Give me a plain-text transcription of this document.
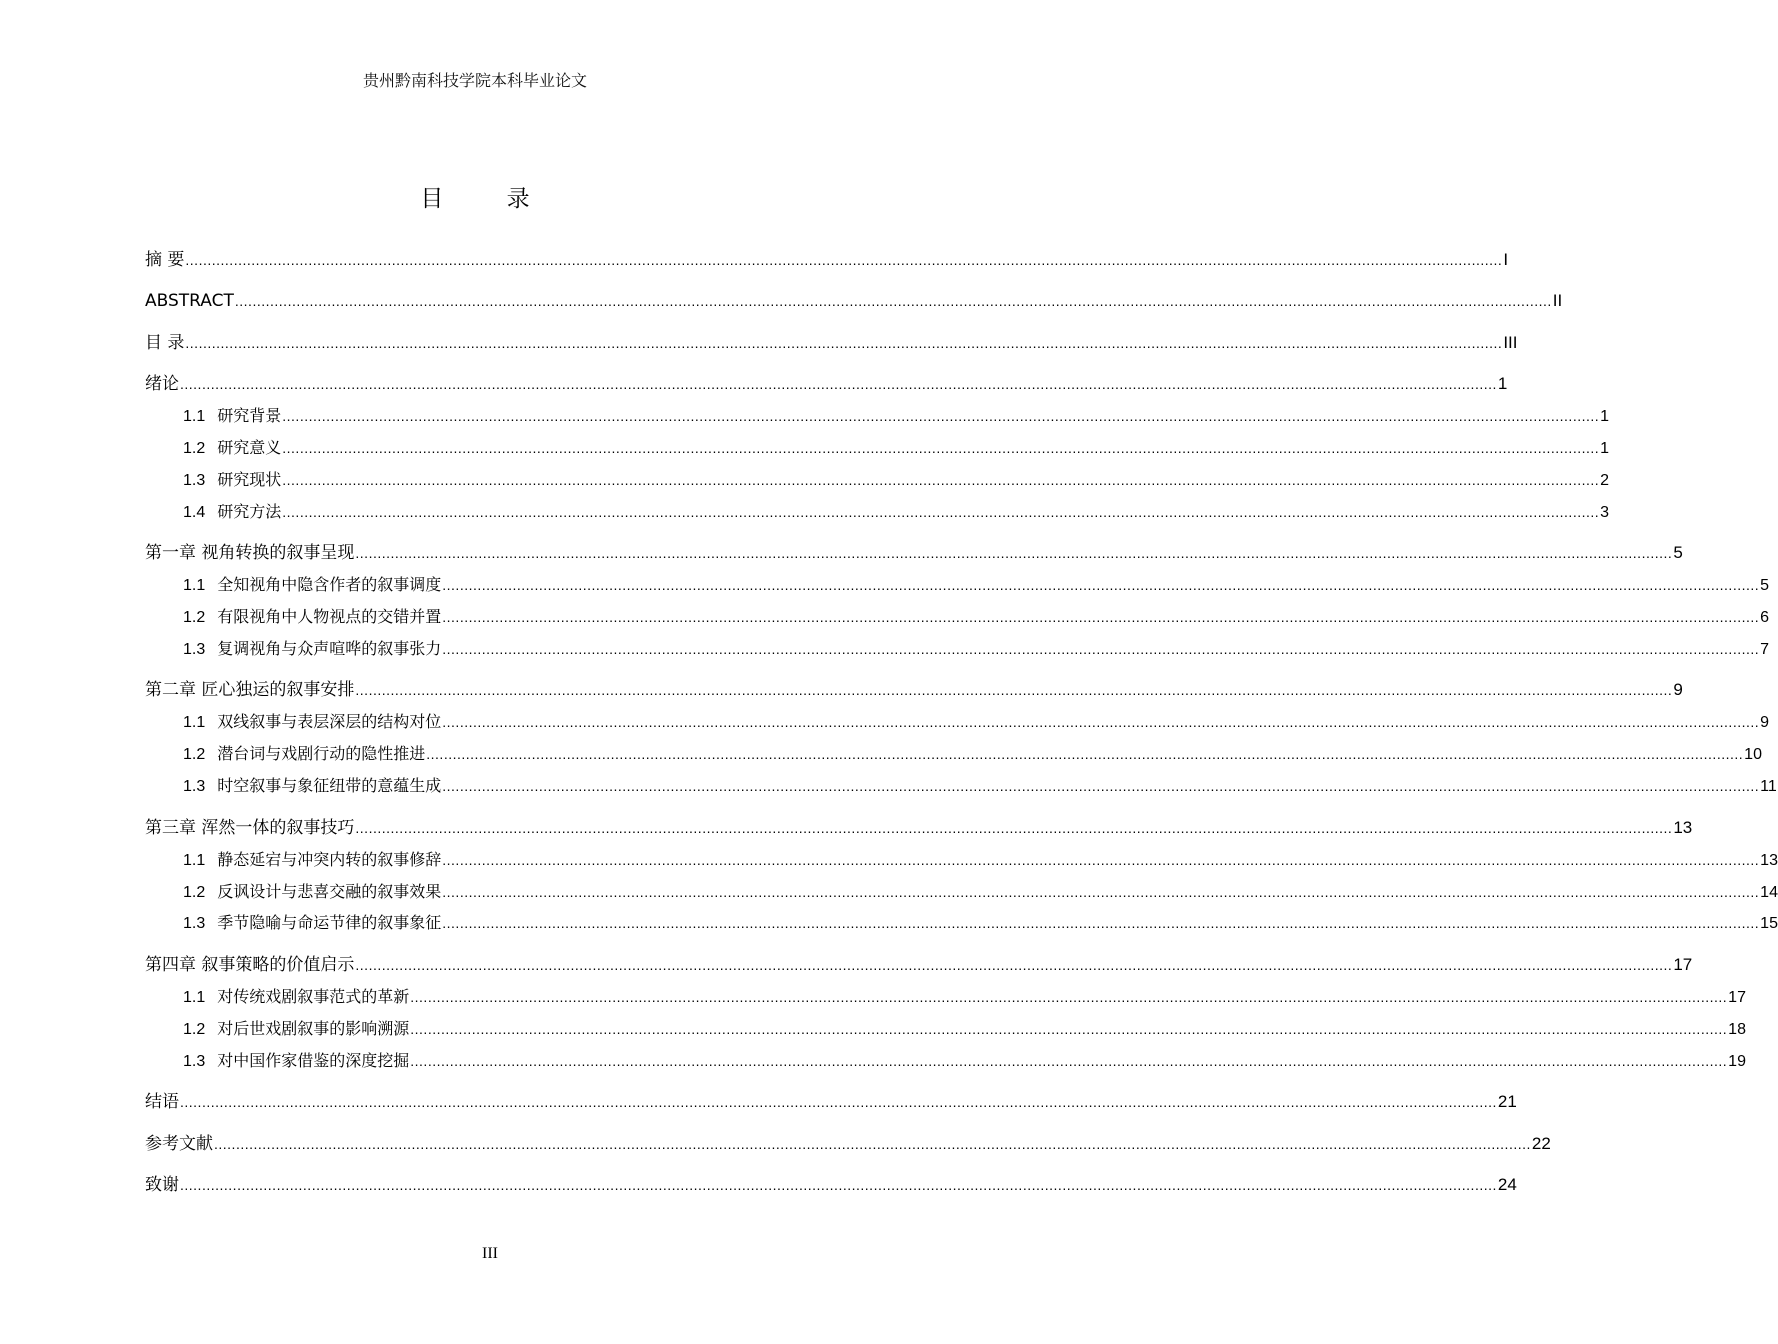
贵州黔南科技学院本科毕业论文
目 录
摘 要 ............................................................................................................................................................................................................................................................................................................ I
ABSTRACT ............................................................................................................................................................................................................................................................................................................ II
目 录 ............................................................................................................................................................................................................................................................................................................ III
绪论 ............................................................................................................................................................................................................................................................................................................ 1
1.1 研究背景 ............................................................................................................................................................................................................................................................................................................ 1
1.2 研究意义 ............................................................................................................................................................................................................................................................................................................ 1
1.3 研究现状 ............................................................................................................................................................................................................................................................................................................ 2
1.4 研究方法 ............................................................................................................................................................................................................................................................................................................ 3
第一章 视角转换的叙事呈现 ............................................................................................................................................................................................................................................................................................................ 5
1.1 全知视角中隐含作者的叙事调度 ............................................................................................................................................................................................................................................................................................................ 5
1.2 有限视角中人物视点的交错并置 ............................................................................................................................................................................................................................................................................................................ 6
1.3 复调视角与众声喧哗的叙事张力 ............................................................................................................................................................................................................................................................................................................ 7
第二章 匠心独运的叙事安排 ............................................................................................................................................................................................................................................................................................................ 9
1.1 双线叙事与表层深层的结构对位 ............................................................................................................................................................................................................................................................................................................ 9
1.2 潜台词与戏剧行动的隐性推进 ............................................................................................................................................................................................................................................................................................................ 10
1.3 时空叙事与象征纽带的意蕴生成 ............................................................................................................................................................................................................................................................................................................ 11
第三章 浑然一体的叙事技巧 ............................................................................................................................................................................................................................................................................................................ 13
1.1 静态延宕与冲突内转的叙事修辞 ............................................................................................................................................................................................................................................................................................................ 13
1.2 反讽设计与悲喜交融的叙事效果 ............................................................................................................................................................................................................................................................................................................ 14
1.3 季节隐喻与命运节律的叙事象征 ............................................................................................................................................................................................................................................................................................................ 15
第四章 叙事策略的价值启示 ............................................................................................................................................................................................................................................................................................................ 17
1.1 对传统戏剧叙事范式的革新 ............................................................................................................................................................................................................................................................................................................ 17
1.2 对后世戏剧叙事的影响溯源 ............................................................................................................................................................................................................................................................................................................ 18
1.3 对中国作家借鉴的深度挖掘 ............................................................................................................................................................................................................................................................................................................ 19
结语 ............................................................................................................................................................................................................................................................................................................ 21
参考文献 ............................................................................................................................................................................................................................................................................................................ 22
致谢 ............................................................................................................................................................................................................................................................................................................ 24
III
